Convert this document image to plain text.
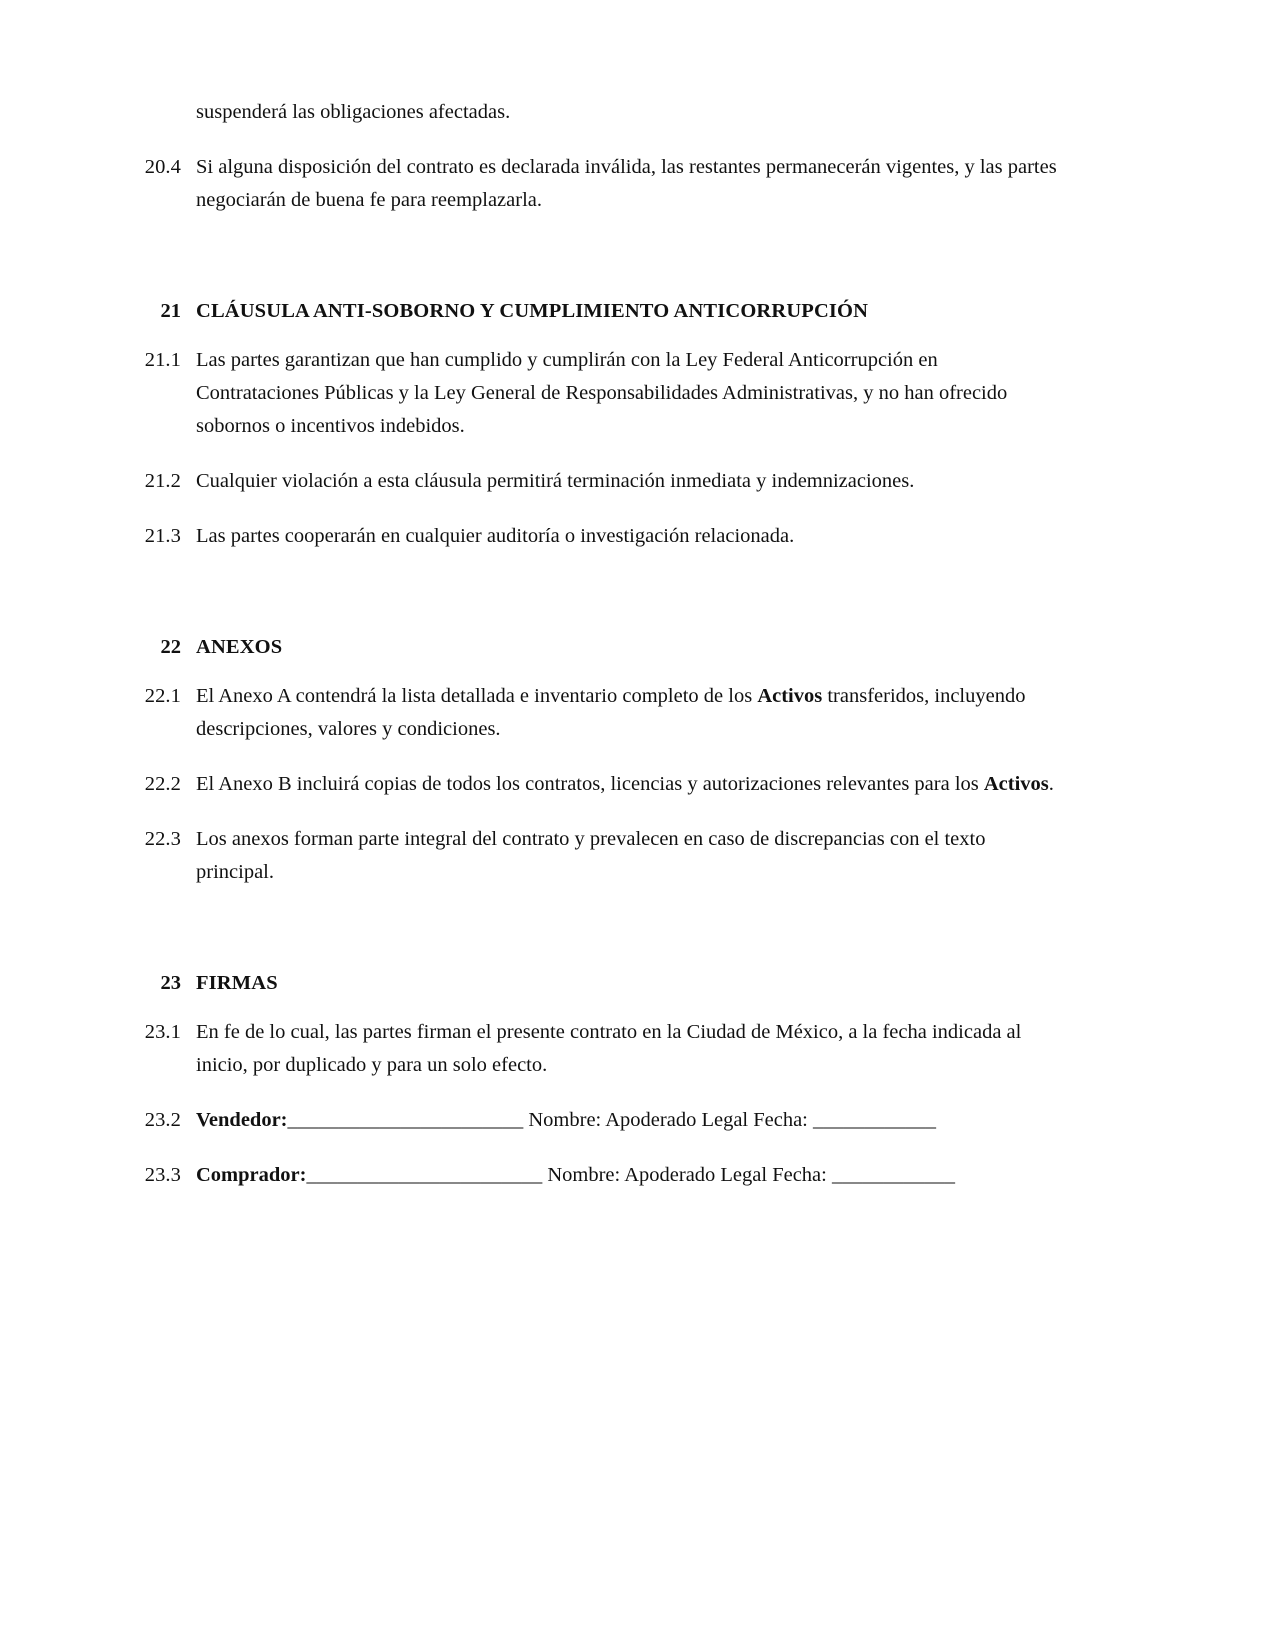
suspenderá las obligaciones afectadas.
20.4 Si alguna disposición del contrato es declarada inválida, las restantes permanecerán vigentes, y las partes negociarán de buena fe para reemplazarla.
21 CLÁUSULA ANTI-SOBORNO Y CUMPLIMIENTO ANTICORRUPCIÓN
21.1 Las partes garantizan que han cumplido y cumplirán con la Ley Federal Anticorrupción en Contrataciones Públicas y la Ley General de Responsabilidades Administrativas, y no han ofrecido sobornos o incentivos indebidos.
21.2 Cualquier violación a esta cláusula permitirá terminación inmediata y indemnizaciones.
21.3 Las partes cooperarán en cualquier auditoría o investigación relacionada.
22 ANEXOS
22.1 El Anexo A contendrá la lista detallada e inventario completo de los Activos transferidos, incluyendo descripciones, valores y condiciones.
22.2 El Anexo B incluirá copias de todos los contratos, licencias y autorizaciones relevantes para los Activos.
22.3 Los anexos forman parte integral del contrato y prevalecen en caso de discrepancias con el texto principal.
23 FIRMAS
23.1 En fe de lo cual, las partes firman el presente contrato en la Ciudad de México, a la fecha indicada al inicio, por duplicado y para un solo efecto.
23.2 Vendedor:_______________________ Nombre: Apoderado Legal Fecha: ____________
23.3 Comprador:_______________________ Nombre: Apoderado Legal Fecha: ____________
